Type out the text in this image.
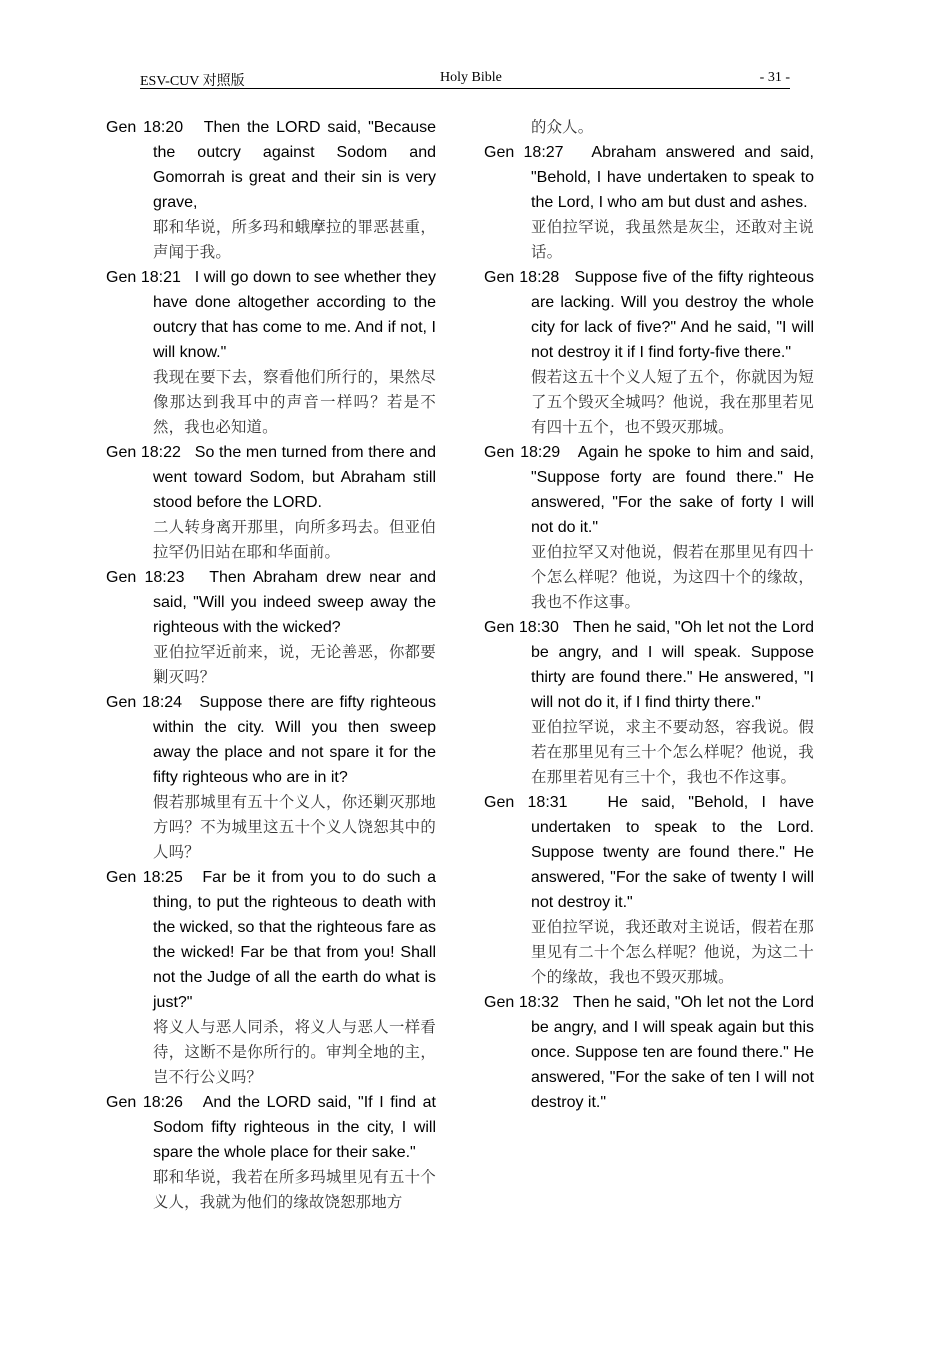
ESV-CUV 对照版	Holy Bible	- 31 -

Gen 18:20 Then the LORD said, "Because the outcry against Sodom and Gomorrah is great and their sin is very grave,

耶和华说，所多玛和蛾摩拉的罪恶甚重，声闻于我。

Gen 18:21 I will go down to see whether they have done altogether according to the outcry that has come to me. And if not, I will know."

我现在要下去，察看他们所行的，果然尽像那达到我耳中的声音一样吗？若是不然，我也必知道。

Gen 18:22 So the men turned from there and went toward Sodom, but Abraham still stood before the LORD.

二人转身离开那里，向所多玛去。但亚伯拉罕仍旧站在耶和华面前。

Gen 18:23 Then Abraham drew near and said, "Will you indeed sweep away the righteous with the wicked?

亚伯拉罕近前来，说，无论善恶，你都要剿灭吗？

Gen 18:24 Suppose there are fifty righteous within the city. Will you then sweep away the place and not spare it for the fifty righteous who are in it?

假若那城里有五十个义人，你还剿灭那地方吗？不为城里这五十个义人饶恕其中的人吗？

Gen 18:25 Far be it from you to do such a thing, to put the righteous to death with the wicked, so that the righteous fare as the wicked! Far be that from you! Shall not the Judge of all the earth do what is just?"

将义人与恶人同杀，将义人与恶人一样看待，这断不是你所行的。审判全地的主，岂不行公义吗？

Gen 18:26 And the LORD said, "If I find at Sodom fifty righteous in the city, I will spare the whole place for their sake."

耶和华说，我若在所多玛城里见有五十个义人，我就为他们的缘故饶恕那地方

的众人。

Gen 18:27 Abraham answered and said, "Behold, I have undertaken to speak to the Lord, I who am but dust and ashes.

亚伯拉罕说，我虽然是灰尘，还敢对主说话。

Gen 18:28 Suppose five of the fifty righteous are lacking. Will you destroy the whole city for lack of five?" And he said, "I will not destroy it if I find forty-five there."

假若这五十个义人短了五个，你就因为短了五个毁灭全城吗？他说，我在那里若见有四十五个，也不毁灭那城。

Gen 18:29 Again he spoke to him and said, "Suppose forty are found there." He answered, "For the sake of forty I will not do it."

亚伯拉罕又对他说，假若在那里见有四十个怎么样呢？他说，为这四十个的缘故，我也不作这事。

Gen 18:30 Then he said, "Oh let not the Lord be angry, and I will speak. Suppose thirty are found there." He answered, "I will not do it, if I find thirty there."

亚伯拉罕说，求主不要动怒，容我说。假若在那里见有三十个怎么样呢？他说，我在那里若见有三十个，我也不作这事。

Gen 18:31 He said, "Behold, I have undertaken to speak to the Lord. Suppose twenty are found there." He answered, "For the sake of twenty I will not destroy it."

亚伯拉罕说，我还敢对主说话，假若在那里见有二十个怎么样呢？他说，为这二十个的缘故，我也不毁灭那城。

Gen 18:32 Then he said, "Oh let not the Lord be angry, and I will speak again but this once. Suppose ten are found there." He answered, "For the sake of ten I will not destroy it."
